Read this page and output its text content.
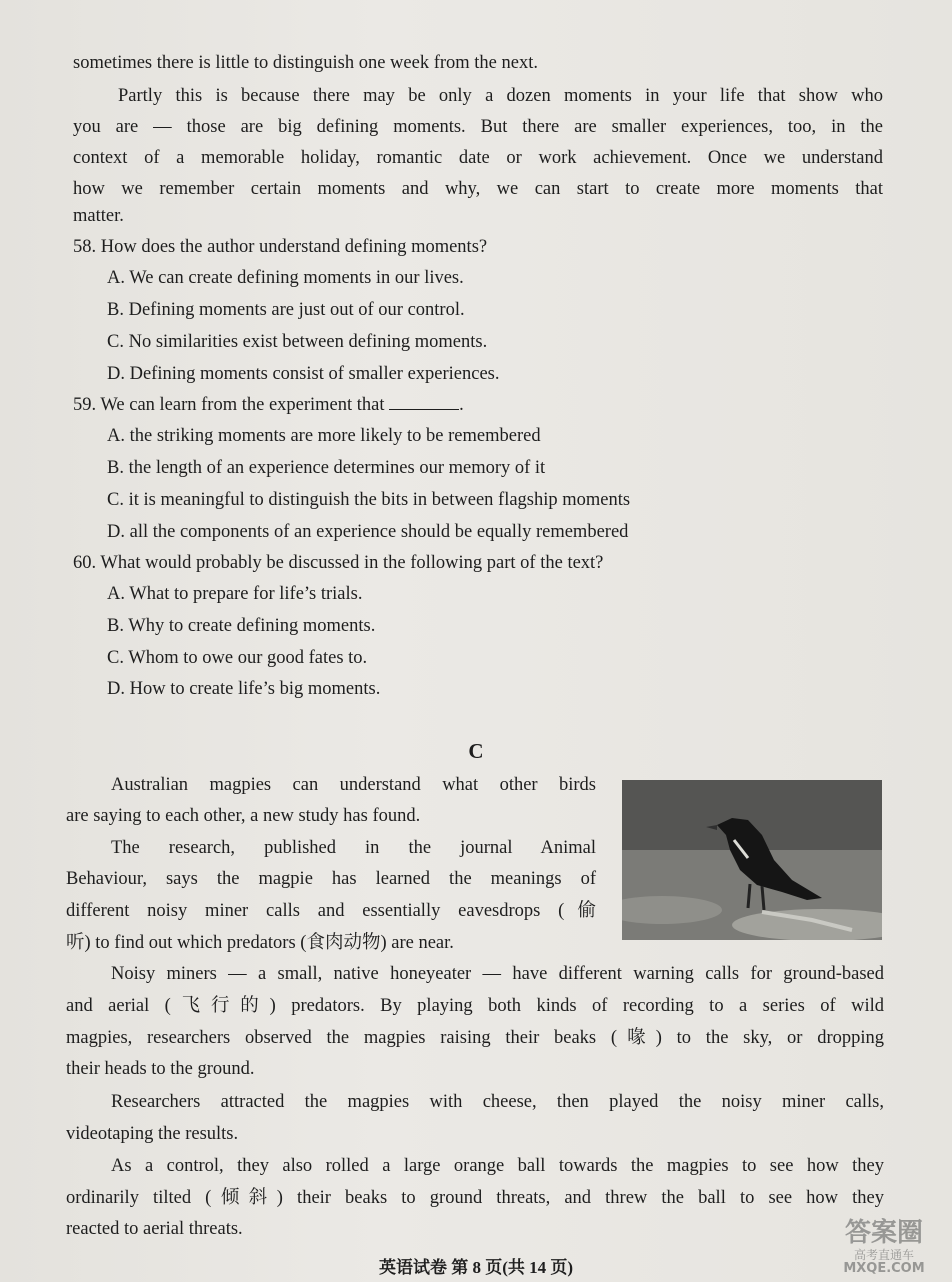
sometimes there is little to distinguish one week from the next.
Partly this is because there may be only a dozen moments in your life that show who
you are — those are big defining moments. But there are smaller experiences, too, in the
context of a memorable holiday, romantic date or work achievement. Once we understand
how we remember certain moments and why, we can start to create more moments that
matter.
58. How does the author understand defining moments?
A. We can create defining moments in our lives.
B. Defining moments are just out of our control.
C. No similarities exist between defining moments.
D. Defining moments consist of smaller experiences.
59. We can learn from the experiment that	.
A. the striking moments are more likely to be remembered
B. the length of an experience determines our memory of it
C. it is meaningful to distinguish the bits in between flagship moments
D. all the components of an experience should be equally remembered
60. What would probably be discussed in the following part of the text?
A. What to prepare for life’s trials.
B. Why to create defining moments.
C. Whom to owe our good fates to.
D. How to create life’s big moments.
C
Australian magpies can understand what other birds
are saying to each other, a new study has found.
The research, published in the journal Animal
Behaviour, says the magpie has learned the meanings of
different noisy miner calls and essentially eavesdrops (偷
听) to find out which predators (食肉动物) are near.
Noisy miners — a small, native honeyeater — have different warning calls for ground-based
and aerial (飞行的) predators. By playing both kinds of recording to a series of wild
magpies, researchers observed the magpies raising their beaks (喙) to the sky, or dropping
their heads to the ground.
Researchers attracted the magpies with cheese, then played the noisy miner calls,
videotaping the results.
As a control, they also rolled a large orange ball towards the magpies to see how they
ordinarily tilted (倾斜) their beaks to ground threats, and threw the ball to see how they
reacted to aerial threats.
英语试卷 第 8 页(共 14 页)
答案圈
高考直通车
MXQE.COM
